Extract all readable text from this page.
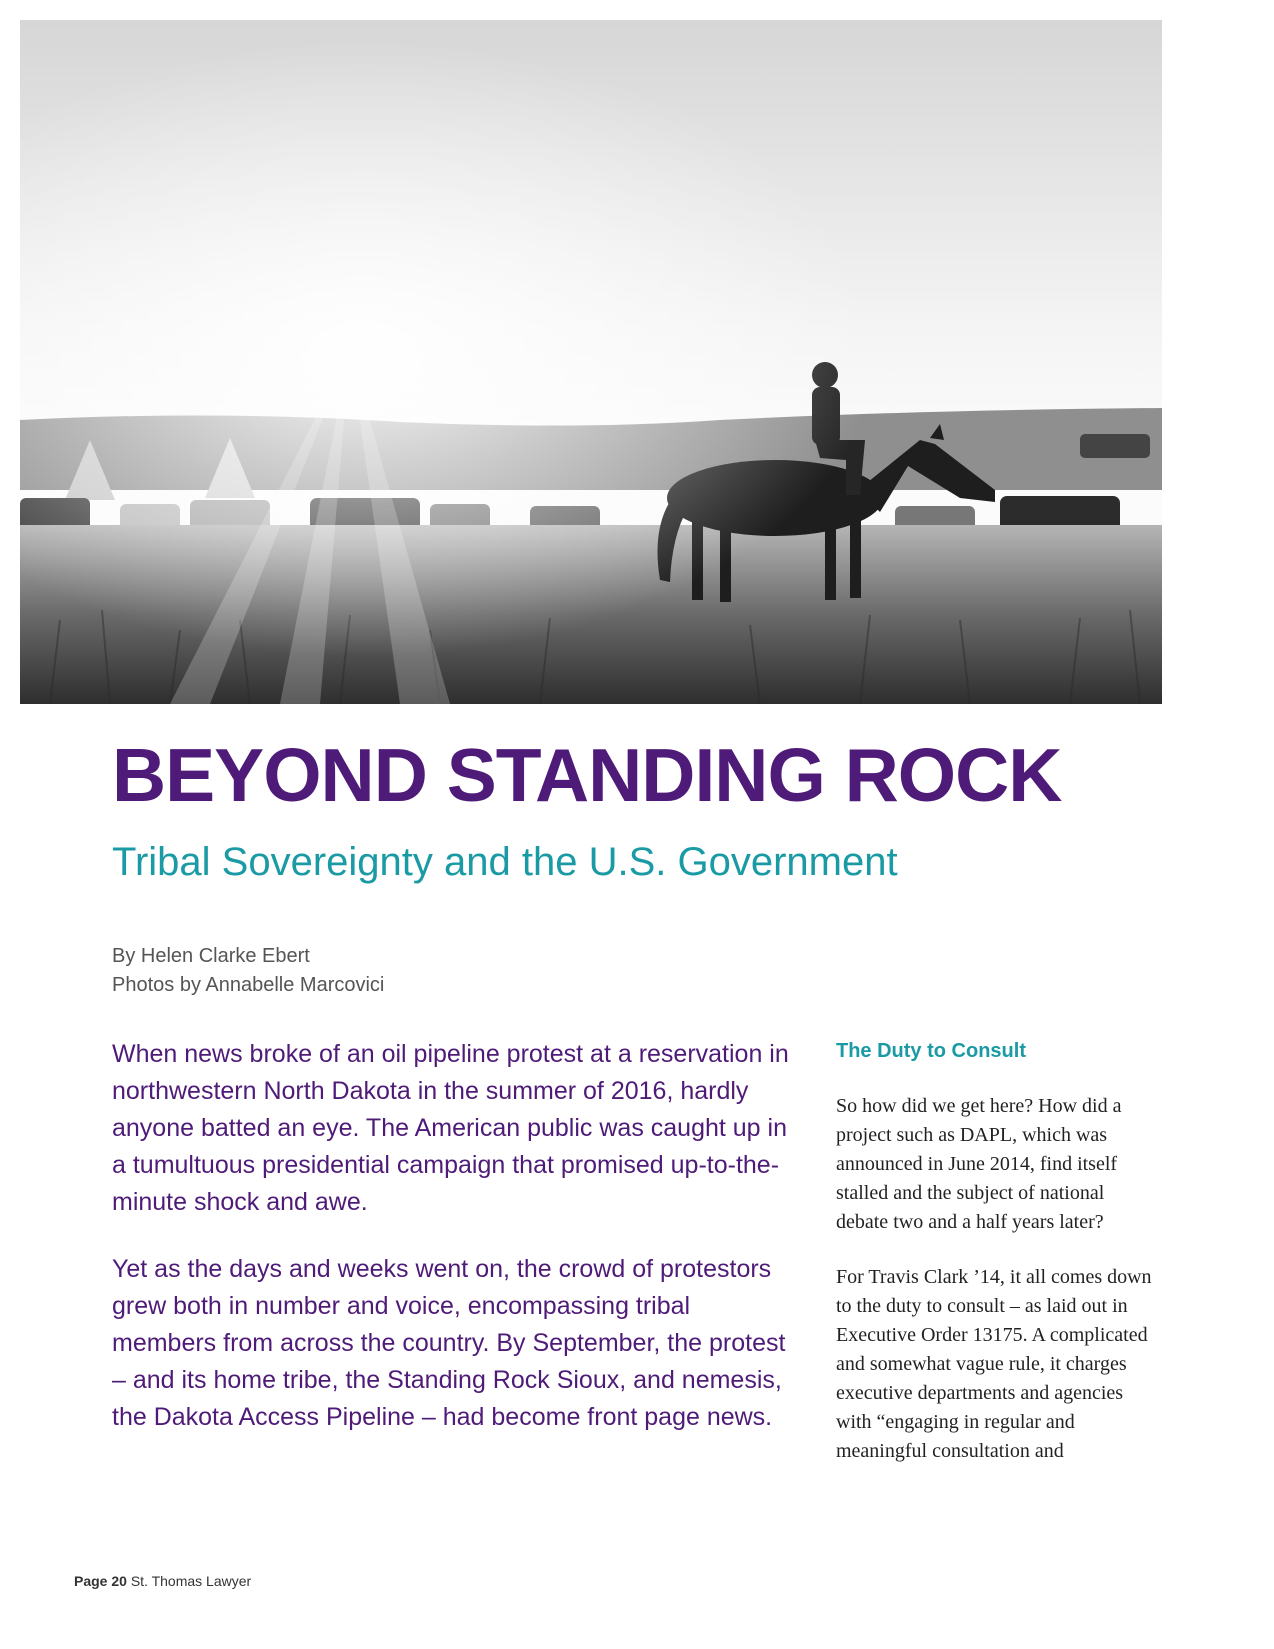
BEYOND STANDING ROCK
Tribal Sovereignty and the U.S. Government
By Helen Clarke Ebert
Photos by Annabelle Marcovici

When news broke of an oil pipeline protest at a reservation in northwestern North Dakota in the summer of 2016, hardly anyone batted an eye. The American public was caught up in a tumultuous presidential campaign that promised up-to-the-minute shock and awe.

Yet as the days and weeks went on, the crowd of protestors grew both in number and voice, encompassing tribal members from across the country. By September, the protest – and its home tribe, the Standing Rock Sioux, and nemesis, the Dakota Access Pipeline – had become front page news.

The Duty to Consult

So how did we get here? How did a project such as DAPL, which was announced in June 2014, find itself stalled and the subject of national debate two and a half years later?

For Travis Clark ’14, it all comes down to the duty to consult – as laid out in Executive Order 13175. A complicated and somewhat vague rule, it charges executive departments and agencies with “engaging in regular and meaningful consultation and

Page 20 St. Thomas Lawyer
